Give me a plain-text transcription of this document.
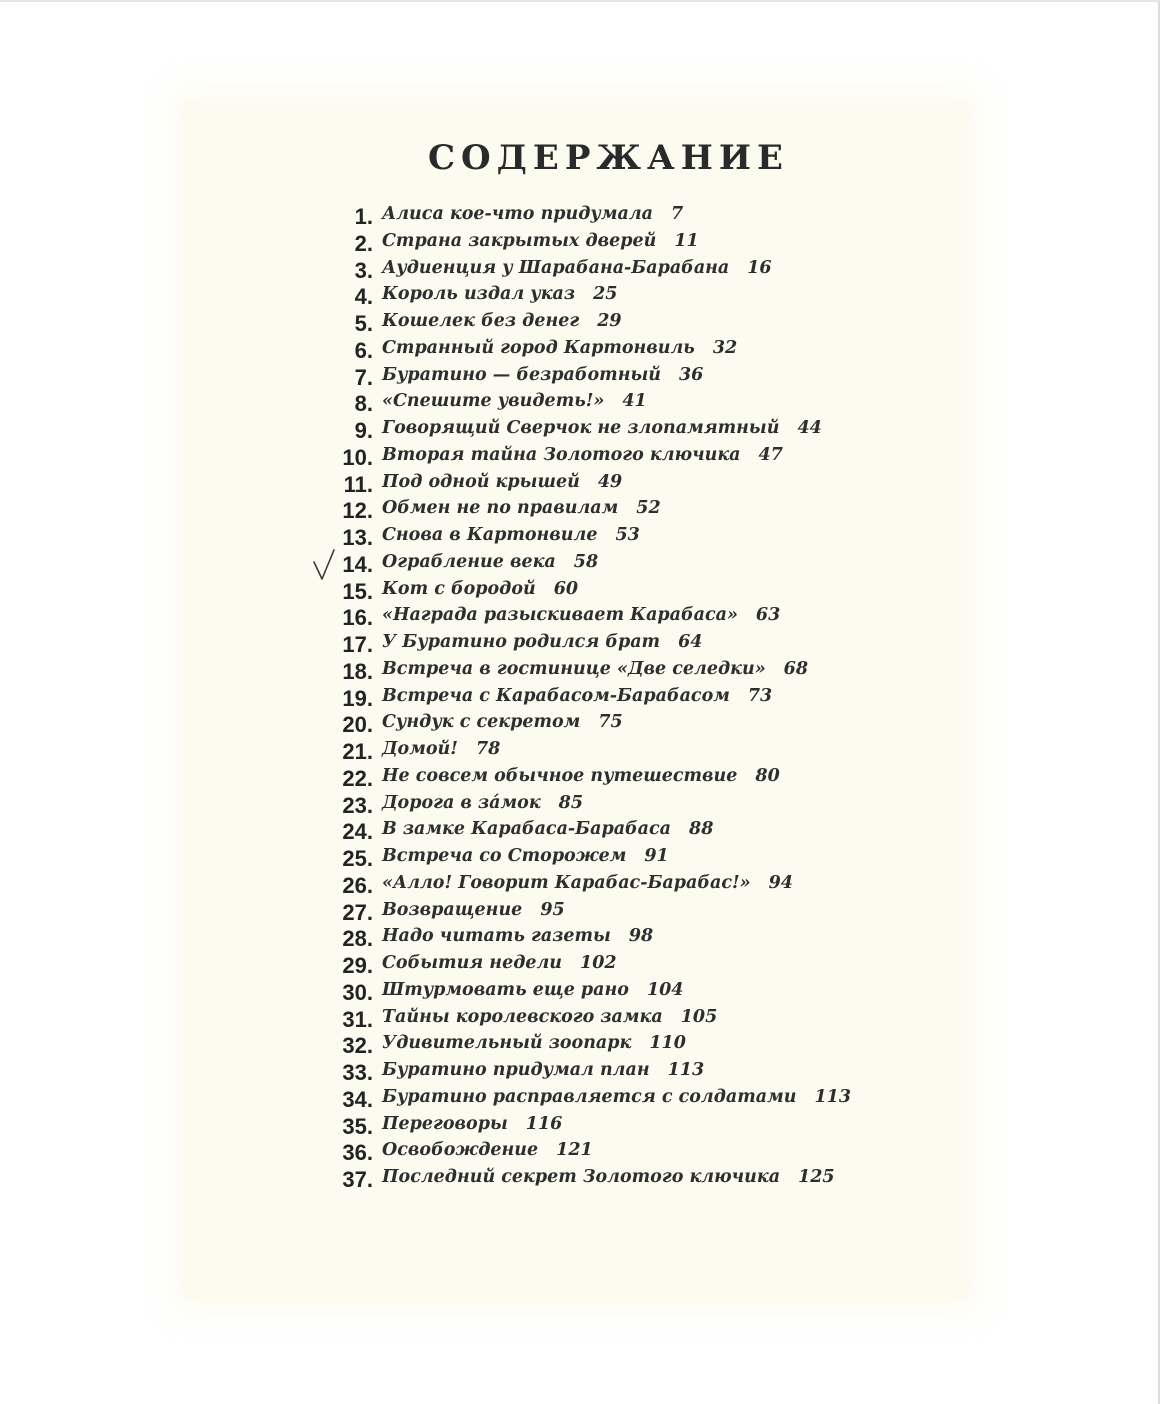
СОДЕРЖАНИЕ
1. Алиса кое-что придумала 7
2. Страна закрытых дверей 11
3. Аудиенция у Шарабана-Барабана 16
4. Король издал указ 25
5. Кошелек без денег 29
6. Странный город Картонвиль 32
7. Буратино — безработный 36
8. «Спешите увидеть!» 41
9. Говорящий Сверчок не злопамятный 44
10. Вторая тайна Золотого ключика 47
11. Под одной крышей 49
12. Обмен не по правилам 52
13. Снова в Картонвиле 53
14. Ограбление века 58
15. Кот с бородой 60
16. «Награда разыскивает Карабаса» 63
17. У Буратино родился брат 64
18. Встреча в гостинице «Две селедки» 68
19. Встреча с Карабасом-Барабасом 73
20. Сундук с секретом 75
21. Домой! 78
22. Не совсем обычное путешествие 80
23. Дорога в зáмок 85
24. В замке Карабаса-Барабаса 88
25. Встреча со Сторожем 91
26. «Алло! Говорит Карабас-Барабас!» 94
27. Возвращение 95
28. Надо читать газеты 98
29. События недели 102
30. Штурмовать еще рано 104
31. Тайны королевского замка 105
32. Удивительный зоопарк 110
33. Буратино придумал план 113
34. Буратино расправляется с солдатами 113
35. Переговоры 116
36. Освобождение 121
37. Последний секрет Золотого ключика 125
